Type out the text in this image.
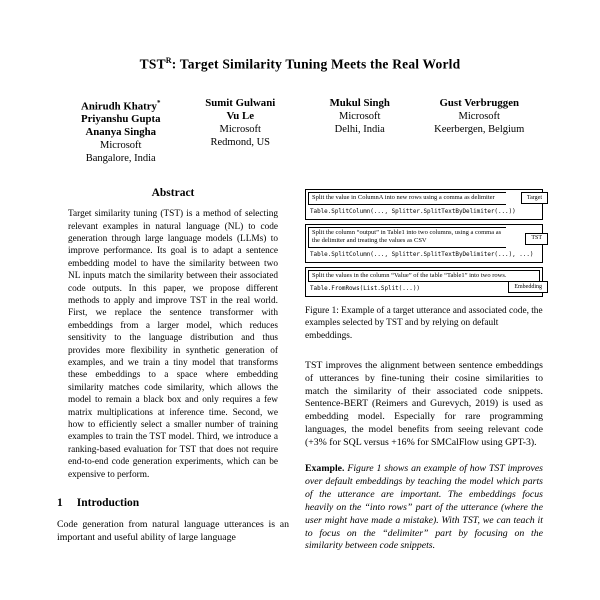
$TST^R$: Target Similarity Tuning Meets the Real World
Anirudh Khatry*
Priyanshu Gupta
Ananya Singha
Microsoft
Bangalore, India
Sumit Gulwani
Vu Le
Microsoft
Redmond, US
Mukul Singh
Microsoft
Delhi, India
Gust Verbruggen
Microsoft
Keerbergen, Belgium
Abstract

Target similarity tuning (TST) is a method of selecting relevant examples in natural language (NL) to code generation through large language models (LLMs) to improve performance. Its goal is to adapt a sentence embedding model to have the similarity between two NL inputs match the similarity between their associated code outputs. In this paper, we propose different methods to apply and improve TST in the real world. First, we replace the sentence transformer with embeddings from a larger model, which reduces sensitivity to the language distribution and thus provides more flexibility in synthetic generation of examples, and we train a tiny model that transforms these embeddings to a space where embedding similarity matches code similarity, which allows the model to remain a black box and only requires a few matrix multiplications at inference time. Second, we how to efficiently select a smaller number of training examples to train the TST model. Third, we introduce a ranking-based evaluation for TST that does not require end-to-end code generation experiments, which can be expensive to perform.

1 Introduction

Code generation from natural language utterances is an important and useful ability of large language

Split the value in ColumnA into new rows using a comma as delimiter
Table.SplitColumn(..., Splitter.SplitTextByDelimiter(...))
Target
Split the column “output” in Table1 into two columns, using a comma as the delimiter and treating the values as CSV
Table.SplitColumn(..., Splitter.SplitTextByDelimiter(...), ...)
TST
Split the values in the column “Value” of the table “Table1” into two rows.
Table.FromRows(List.Split(...))	Embedding

Figure 1: Example of a target utterance and associated code, the examples selected by TST and by relying on default embeddings.

TST improves the alignment between sentence embeddings of utterances by fine-tuning their cosine similarities to match the similarity of their associated code snippets. Sentence-BERT (Reimers and Gurevych, 2019) is used as embedding model. Especially for rare programming languages, the model benefits from seeing relevant code (+3% for SQL versus +16% for SMCalFlow using GPT-3).

Example. Figure 1 shows an example of how TST improves over default embeddings by teaching the model which parts of the utterance are important. The embeddings focus heavily on the “into rows” part of the utterance (where the user might have made a mistake). With TST, we can teach it to focus on the “delimiter” part by focusing on the similarity between code snippets.
